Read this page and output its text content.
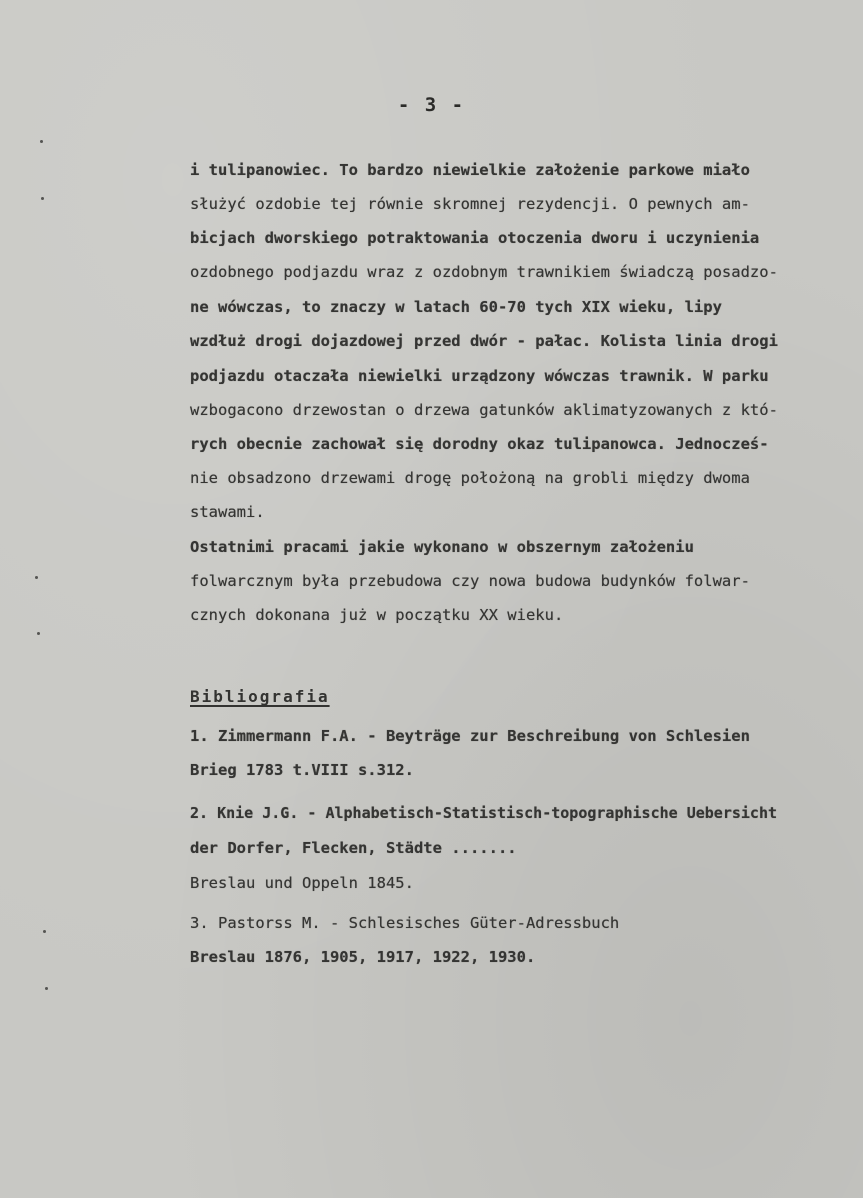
- 3 -
i tulipanowiec. To bardzo niewielkie założenie parkowe miało
służyć ozdobie tej równie skromnej rezydencji. O pewnych am-
bicjach dworskiego potraktowania otoczenia dworu i uczynienia
ozdobnego podjazdu wraz z ozdobnym trawnikiem świadczą posadzo-
ne wówczas, to znaczy w latach 60-70 tych XIX wieku, lipy
wzdłuż drogi dojazdowej przed dwór - pałac. Kolista linia drogi
podjazdu otaczała niewielki urządzony wówczas trawnik. W parku
wzbogacono drzewostan o drzewa gatunków aklimatyzowanych z któ-
rych obecnie zachował się dorodny okaz tulipanowca. Jednocześ-
nie obsadzono drzewami drogę położoną na grobli między dwoma
stawami.
Ostatnimi pracami jakie wykonano w obszernym założeniu
folwarcznym była przebudowa czy nowa budowa budynków folwar-
cznych dokonana już w początku XX wieku.
Bibliografia
1. Zimmermann F.A. - Beyträge zur Beschreibung von Schlesien
Brieg 1783 t.VIII s.312.
2. Knie J.G. - Alphabetisch-Statistisch-topographische Uebersicht
der Dorfer, Flecken, Städte .......
Breslau und Oppeln 1845.
3. Pastorss M. - Schlesisches Güter-Adressbuch
Breslau 1876, 1905, 1917, 1922, 1930.
